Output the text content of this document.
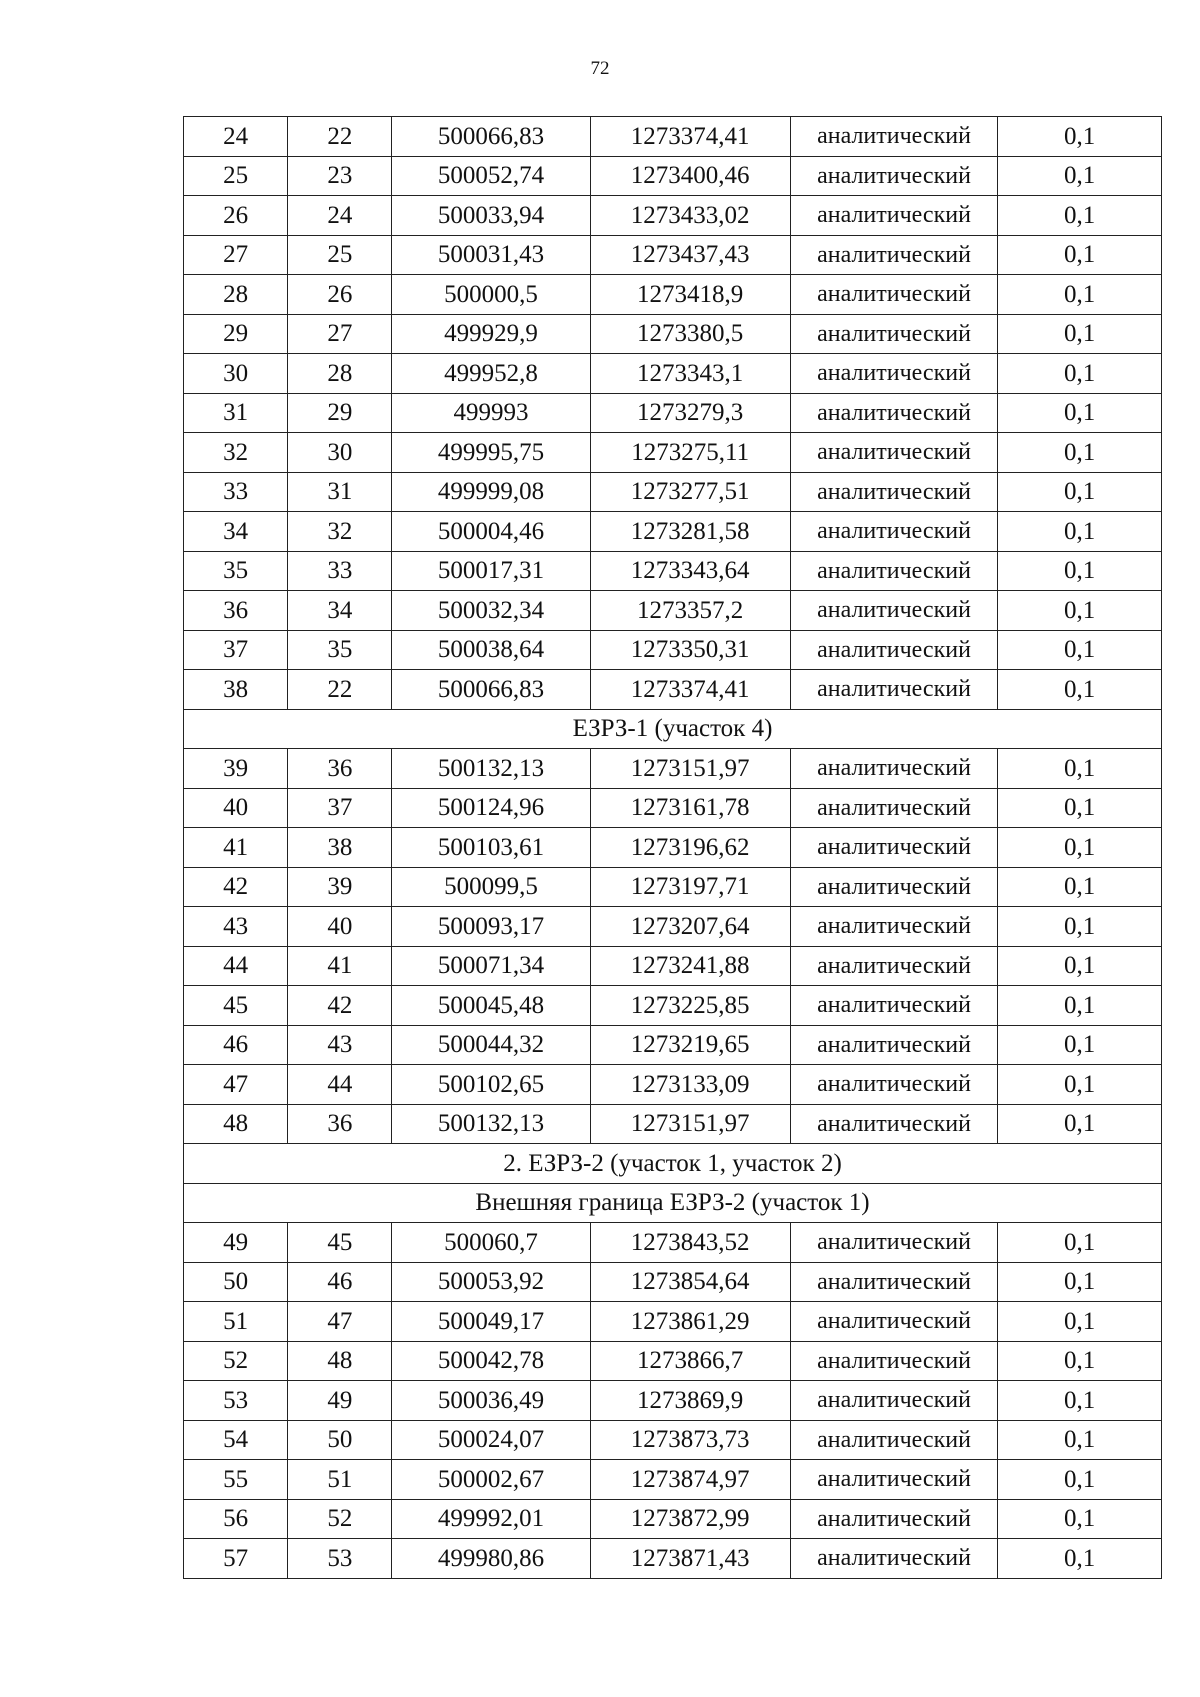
72
24	22	500066,83	1273374,41	аналитический	0,1
25	23	500052,74	1273400,46	аналитический	0,1
26	24	500033,94	1273433,02	аналитический	0,1
27	25	500031,43	1273437,43	аналитический	0,1
28	26	500000,5	1273418,9	аналитический	0,1
29	27	499929,9	1273380,5	аналитический	0,1
30	28	499952,8	1273343,1	аналитический	0,1
31	29	499993	1273279,3	аналитический	0,1
32	30	499995,75	1273275,11	аналитический	0,1
33	31	499999,08	1273277,51	аналитический	0,1
34	32	500004,46	1273281,58	аналитический	0,1
35	33	500017,31	1273343,64	аналитический	0,1
36	34	500032,34	1273357,2	аналитический	0,1
37	35	500038,64	1273350,31	аналитический	0,1
38	22	500066,83	1273374,41	аналитический	0,1
ЕЗРЗ-1 (участок 4)					
39	36	500132,13	1273151,97	аналитический	0,1
40	37	500124,96	1273161,78	аналитический	0,1
41	38	500103,61	1273196,62	аналитический	0,1
42	39	500099,5	1273197,71	аналитический	0,1
43	40	500093,17	1273207,64	аналитический	0,1
44	41	500071,34	1273241,88	аналитический	0,1
45	42	500045,48	1273225,85	аналитический	0,1
46	43	500044,32	1273219,65	аналитический	0,1
47	44	500102,65	1273133,09	аналитический	0,1
48	36	500132,13	1273151,97	аналитический	0,1
2. ЕЗРЗ-2 (участок 1, участок 2)					
Внешняя граница ЕЗРЗ-2 (участок 1)					
49	45	500060,7	1273843,52	аналитический	0,1
50	46	500053,92	1273854,64	аналитический	0,1
51	47	500049,17	1273861,29	аналитический	0,1
52	48	500042,78	1273866,7	аналитический	0,1
53	49	500036,49	1273869,9	аналитический	0,1
54	50	500024,07	1273873,73	аналитический	0,1
55	51	500002,67	1273874,97	аналитический	0,1
56	52	499992,01	1273872,99	аналитический	0,1
57	53	499980,86	1273871,43	аналитический	0,1
